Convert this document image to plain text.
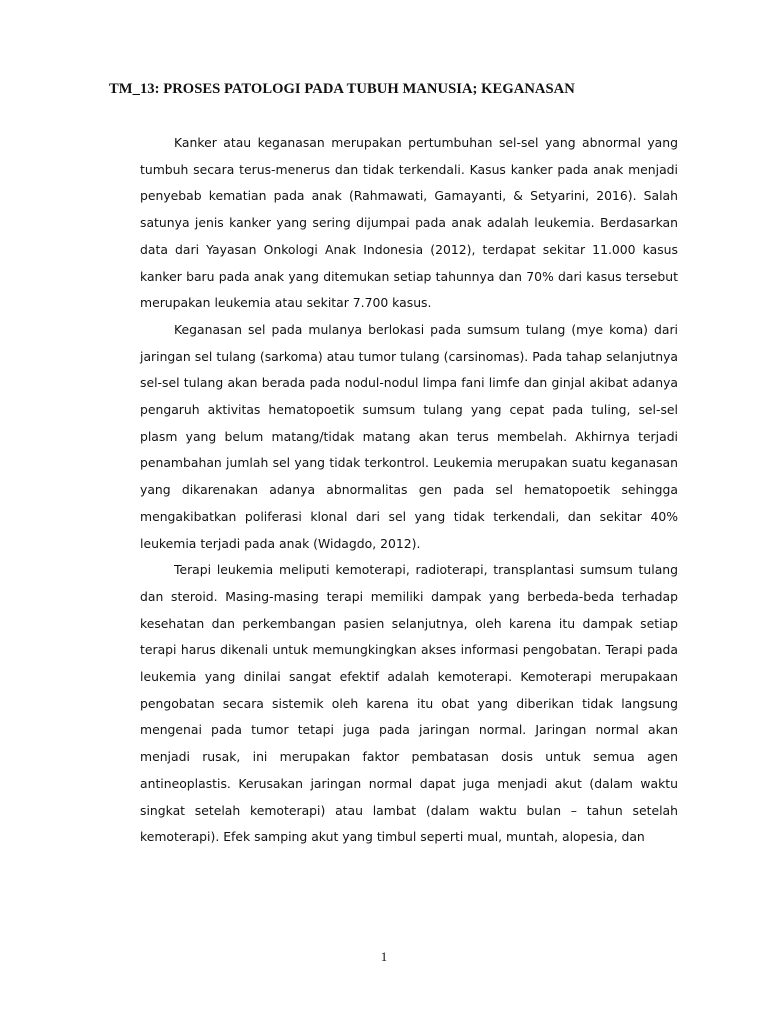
TM_13: PROSES PATOLOGI PADA TUBUH MANUSIA; KEGANASAN

Kanker atau keganasan merupakan pertumbuhan sel-sel yang abnormal yang tumbuh secara terus-menerus dan tidak terkendali. Kasus kanker pada anak menjadi penyebab kematian pada anak (Rahmawati, Gamayanti, & Setyarini, 2016). Salah satunya jenis kanker yang sering dijumpai pada anak adalah leukemia. Berdasarkan data dari Yayasan Onkologi Anak Indonesia (2012), terdapat sekitar 11.000 kasus kanker baru pada anak yang ditemukan setiap tahunnya dan 70% dari kasus tersebut merupakan leukemia atau sekitar 7.700 kasus.

Keganasan sel pada mulanya berlokasi pada sumsum tulang (mye koma) dari jaringan sel tulang (sarkoma) atau tumor tulang (carsinomas). Pada tahap selanjutnya sel-sel tulang akan berada pada nodul-nodul limpa fani limfe dan ginjal akibat adanya pengaruh aktivitas hematopoetik sumsum tulang yang cepat pada tuling, sel-sel plasm yang belum matang/tidak matang akan terus membelah. Akhirnya terjadi penambahan jumlah sel yang tidak terkontrol. Leukemia merupakan suatu keganasan yang dikarenakan adanya abnormalitas gen pada sel hematopoetik sehingga mengakibatkan poliferasi klonal dari sel yang tidak terkendali, dan sekitar 40% leukemia terjadi pada anak (Widagdo, 2012).

Terapi leukemia meliputi kemoterapi, radioterapi, transplantasi sumsum tulang dan steroid. Masing-masing terapi memiliki dampak yang berbeda-beda terhadap kesehatan dan perkembangan pasien selanjutnya, oleh karena itu dampak setiap terapi harus dikenali untuk memungkingkan akses informasi pengobatan. Terapi pada leukemia yang dinilai sangat efektif adalah kemoterapi. Kemoterapi merupakaan pengobatan secara sistemik oleh karena itu obat yang diberikan tidak langsung mengenai pada tumor tetapi juga pada jaringan normal. Jaringan normal akan menjadi rusak, ini merupakan faktor pembatasan dosis untuk semua agen antineoplastis. Kerusakan jaringan normal dapat juga menjadi akut (dalam waktu singkat setelah kemoterapi) atau lambat (dalam waktu bulan – tahun setelah kemoterapi). Efek samping akut yang timbul seperti mual, muntah, alopesia, dan

1
